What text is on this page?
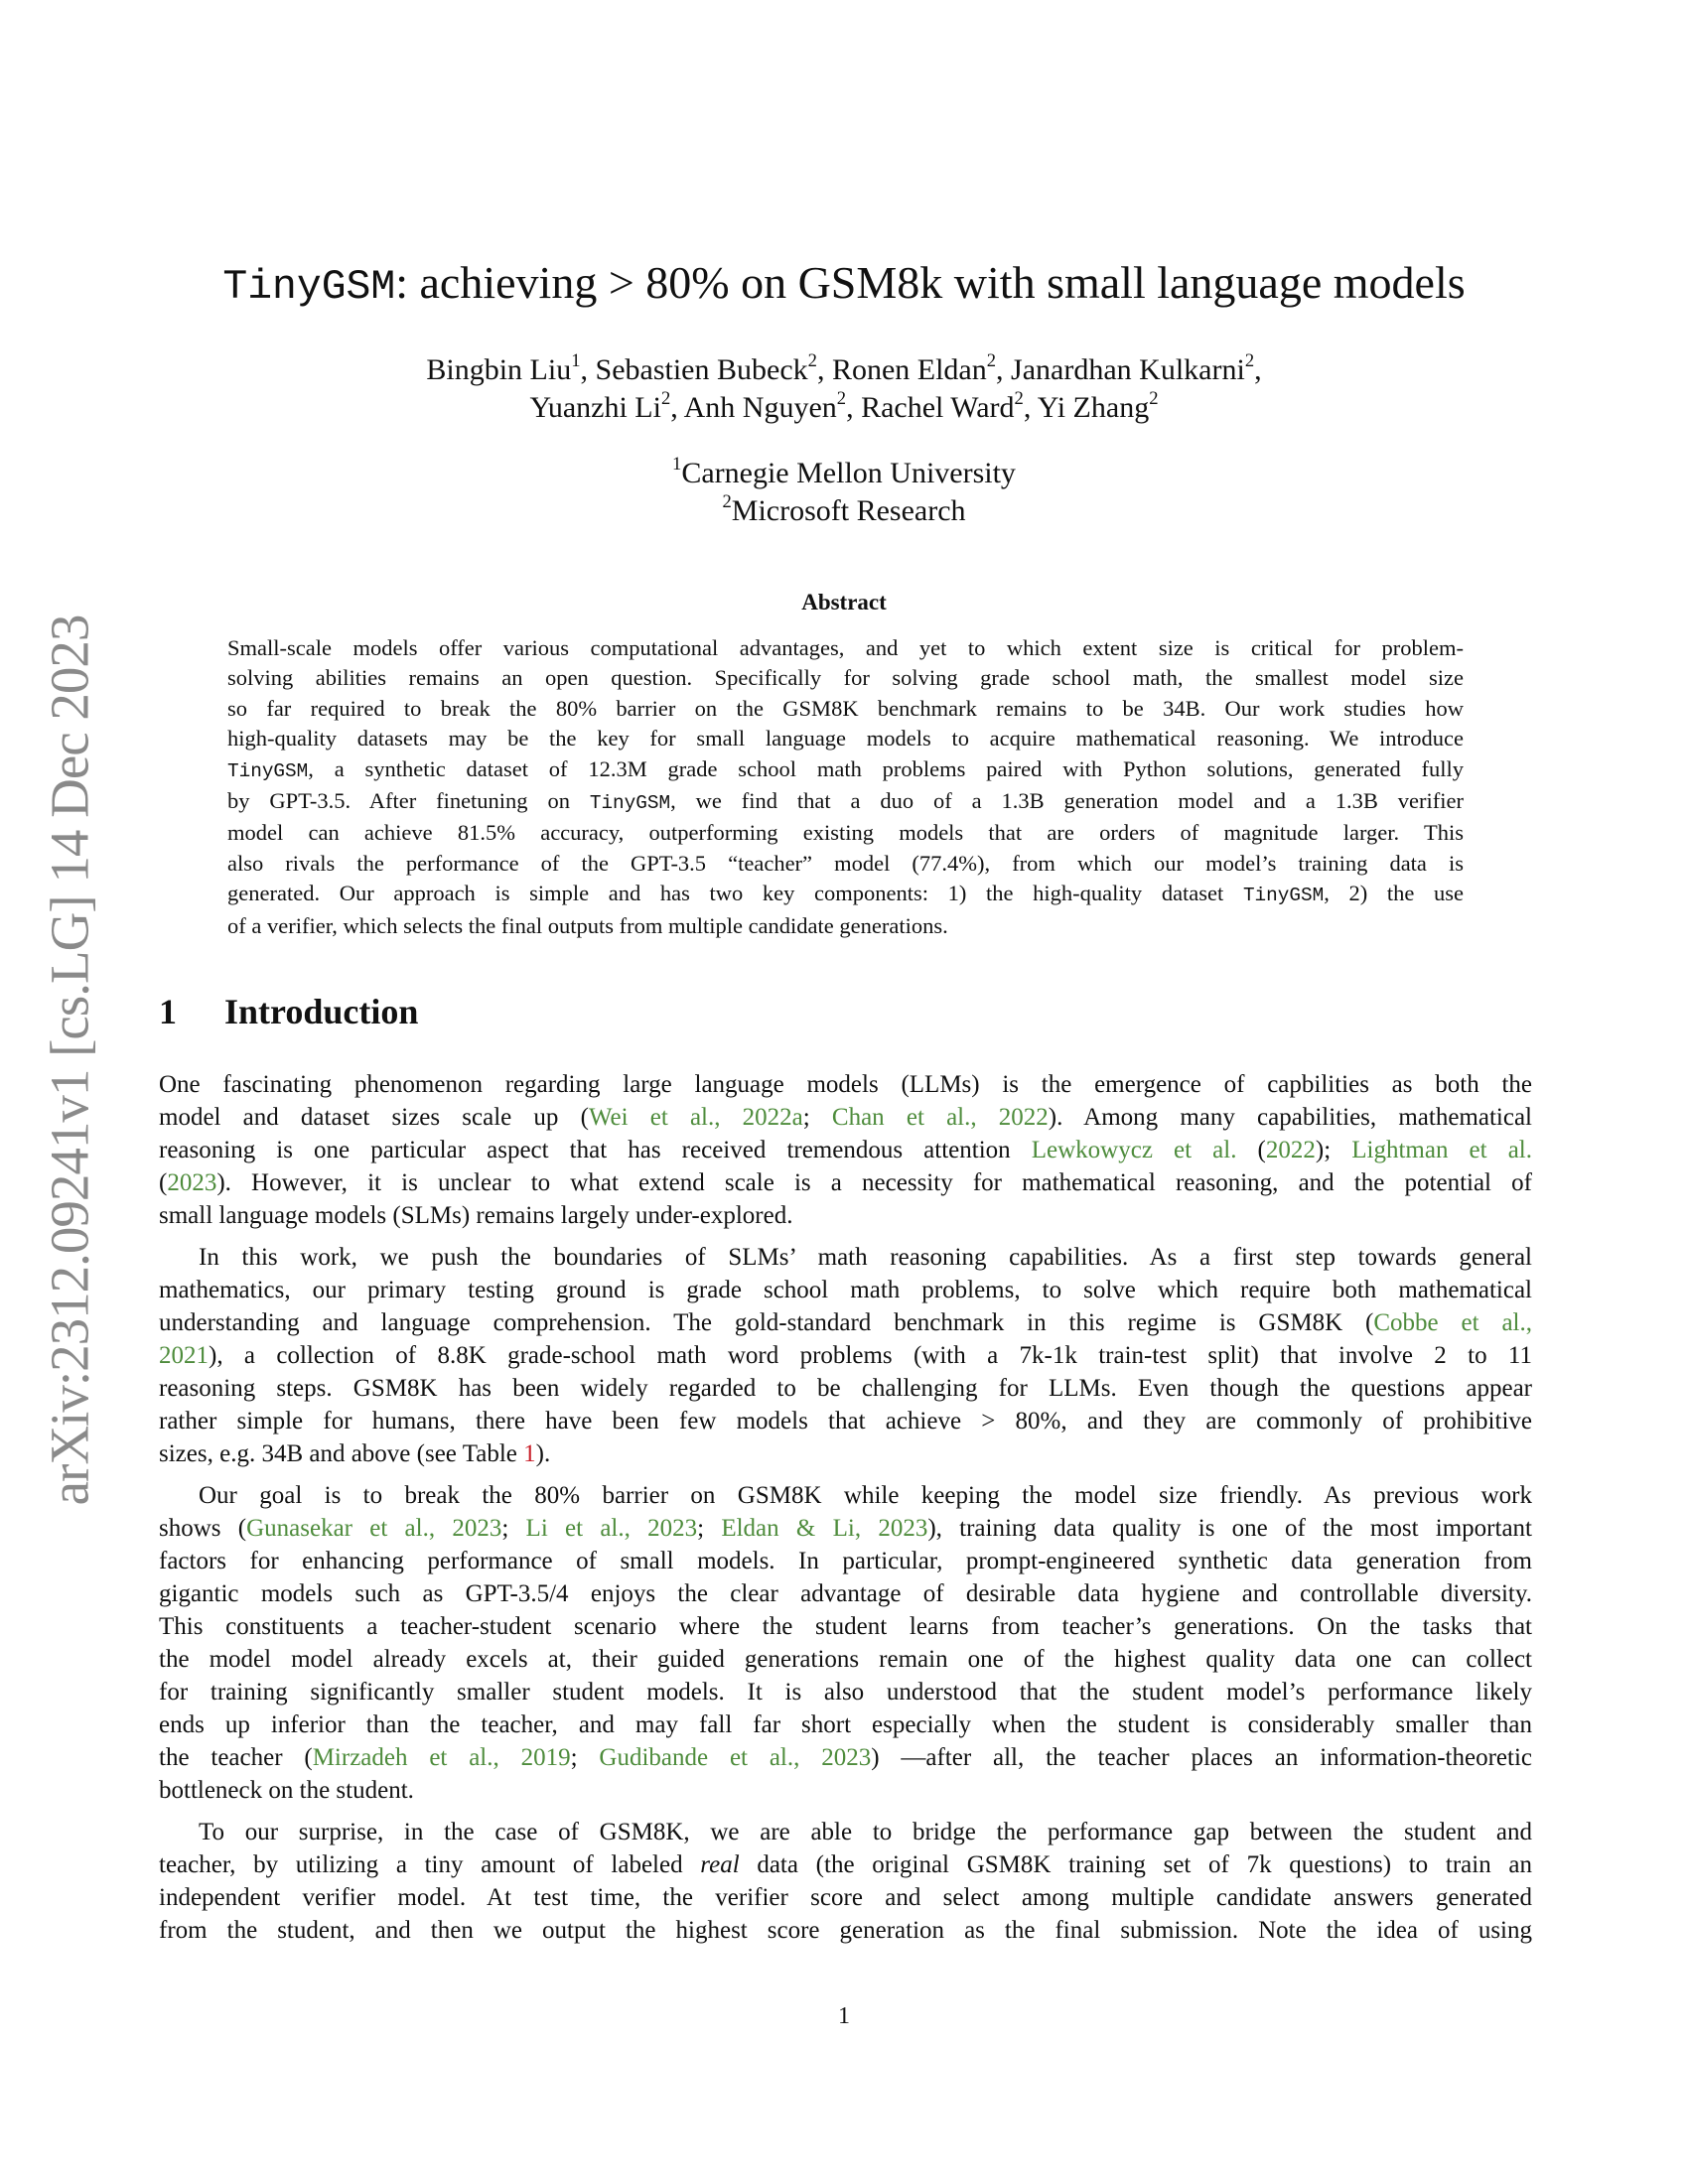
arXiv:2312.09241v1 [cs.LG] 14 Dec 2023
TinyGSM: achieving > 80% on GSM8k with small language models
Bingbin Liu$^1$, Sebastien Bubeck$^2$, Ronen Eldan$^2$, Janardhan Kulkarni$^2$,
Yuanzhi Li$^2$, Anh Nguyen$^2$, Rachel Ward$^2$, Yi Zhang$^2$
$^1$Carnegie Mellon University
$^2$Microsoft Research
Abstract
Small-scale models offer various computational advantages, and yet to which extent size is critical for problem-
solving abilities remains an open question. Specifically for solving grade school math, the smallest model size
so far required to break the 80% barrier on the GSM8K benchmark remains to be 34B. Our work studies how
high-quality datasets may be the key for small language models to acquire mathematical reasoning. We introduce
TinyGSM, a synthetic dataset of 12.3M grade school math problems paired with Python solutions, generated fully
by GPT-3.5. After finetuning on TinyGSM, we find that a duo of a 1.3B generation model and a 1.3B verifier
model can achieve 81.5% accuracy, outperforming existing models that are orders of magnitude larger. This
also rivals the performance of the GPT-3.5 “teacher” model (77.4%), from which our model’s training data is
generated. Our approach is simple and has two key components: 1) the high-quality dataset TinyGSM, 2) the use
of a verifier, which selects the final outputs from multiple candidate generations.
1 Introduction
One fascinating phenomenon regarding large language models (LLMs) is the emergence of capbilities as both the
model and dataset sizes scale up (Wei et al., 2022a; Chan et al., 2022). Among many capabilities, mathematical
reasoning is one particular aspect that has received tremendous attention Lewkowycz et al. (2022); Lightman et al.
(2023). However, it is unclear to what extend scale is a necessity for mathematical reasoning, and the potential of
small language models (SLMs) remains largely under-explored.
In this work, we push the boundaries of SLMs’ math reasoning capabilities. As a first step towards general
mathematics, our primary testing ground is grade school math problems, to solve which require both mathematical
understanding and language comprehension. The gold-standard benchmark in this regime is GSM8K (Cobbe et al.,
2021), a collection of 8.8K grade-school math word problems (with a 7k-1k train-test split) that involve 2 to 11
reasoning steps. GSM8K has been widely regarded to be challenging for LLMs. Even though the questions appear
rather simple for humans, there have been few models that achieve > 80%, and they are commonly of prohibitive
sizes, e.g. 34B and above (see Table 1).
Our goal is to break the 80% barrier on GSM8K while keeping the model size friendly. As previous work
shows (Gunasekar et al., 2023; Li et al., 2023; Eldan & Li, 2023), training data quality is one of the most important
factors for enhancing performance of small models. In particular, prompt-engineered synthetic data generation from
gigantic models such as GPT-3.5/4 enjoys the clear advantage of desirable data hygiene and controllable diversity.
This constituents a teacher-student scenario where the student learns from teacher’s generations. On the tasks that
the model model already excels at, their guided generations remain one of the highest quality data one can collect
for training significantly smaller student models. It is also understood that the student model’s performance likely
ends up inferior than the teacher, and may fall far short especially when the student is considerably smaller than
the teacher (Mirzadeh et al., 2019; Gudibande et al., 2023) —after all, the teacher places an information-theoretic
bottleneck on the student.
To our surprise, in the case of GSM8K, we are able to bridge the performance gap between the student and
teacher, by utilizing a tiny amount of labeled real data (the original GSM8K training set of 7k questions) to train an
independent verifier model. At test time, the verifier score and select among multiple candidate answers generated
from the student, and then we output the highest score generation as the final submission. Note the idea of using
1
